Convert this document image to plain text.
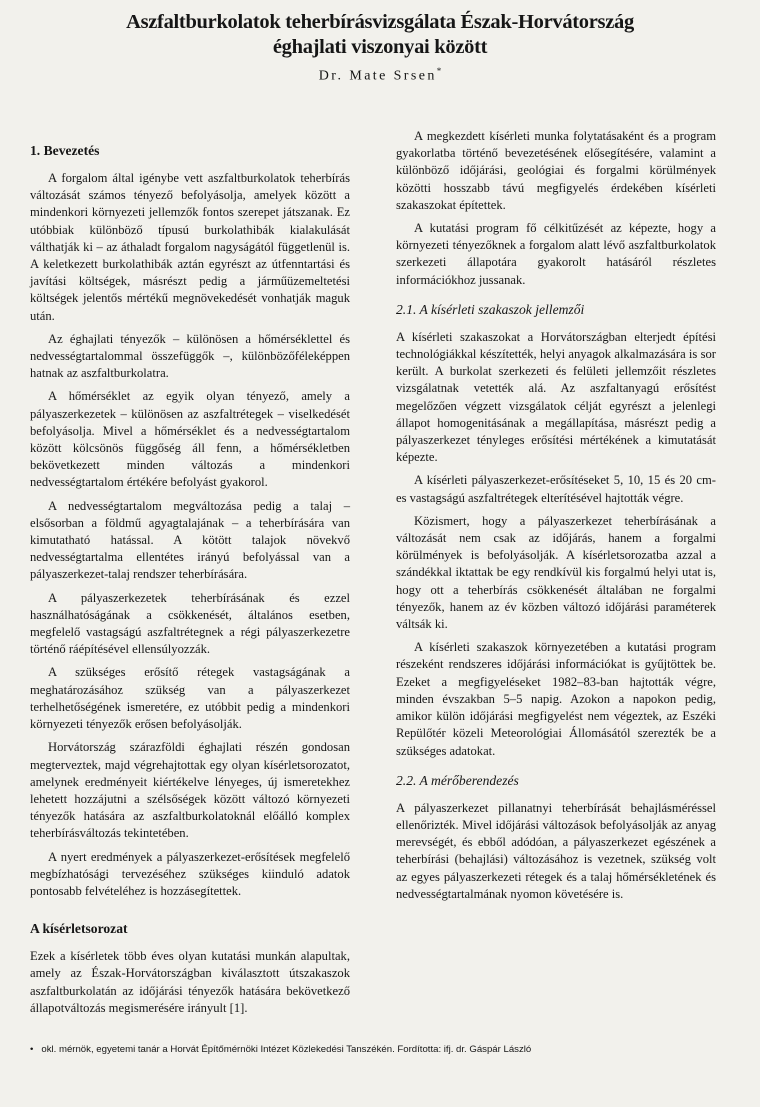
Aszfaltburkolatok teherbírásvizsgálata Észak-Horvátország
éghajlati viszonyai között
Dr. Mate Srsen*
1. Bevezetés

A forgalom által igénybe vett aszfaltburkolatok teherbírás változását számos tényező befolyásolja, amelyek között a mindenkori környezeti jellemzők fontos szerepet játszanak. Ez utóbbiak különböző típusú burkolathibák kialakulását válthatják ki – az áthaladt forgalom nagyságától függetlenül is. A keletkezett burkolathibák aztán egyrészt az útfenntartási és javítási költségek, másrészt pedig a járműüzemeltetési költségek jelentős mértékű megnövekedését vonhatják maguk után.

Az éghajlati tényezők – különösen a hőmérséklettel és nedvességtartalommal összefüggők –, különbözőféleképpen hatnak az aszfaltburkolatra.

A hőmérséklet az egyik olyan tényező, amely a pályaszerkezetek – különösen az aszfaltrétegek – viselkedését befolyásolja. Mivel a hőmérséklet és a nedvességtartalom között kölcsönös függőség áll fenn, a hőmérsékletben bekövetkezett minden változás a mindenkori nedvességtartalom értékére befolyást gyakorol.

A nedvességtartalom megváltozása pedig a talaj – elsősorban a földmű agyagtalajának – a teherbírására van kimutatható hatással. A kötött talajok növekvő nedvességtartalma ellentétes irányú befolyással van a pályaszerkezet-talaj rendszer teherbírására.

A pályaszerkezetek teherbírásának és ezzel használhatóságának a csökkenését, általános esetben, megfelelő vastagságú aszfaltrétegnek a régi pályaszerkezetre történő ráépítésével ellensúlyozzák.

A szükséges erősítő rétegek vastagságának a meghatározásához szükség van a pályaszerkezet terhelhetőségének ismeretére, ez utóbbit pedig a mindenkori környezeti tényezők erősen befolyásolják.

Horvátország szárazföldi éghajlati részén gondosan megterveztek, majd végrehajtottak egy olyan kísérletsorozatot, amelynek eredményeit kiértékelve lényeges, új ismeretekhez lehetett hozzájutni a szélsőségek között változó környezeti tényezők hatására az aszfaltburkolatoknál előálló komplex teherbírásváltozás tekintetében.

A nyert eredmények a pályaszerkezet-erősítések megfelelő megbízhatósági tervezéséhez szükséges kiinduló adatok pontosabb felvételéhez is hozzásegítettek.

A kísérletsorozat

Ezek a kísérletek több éves olyan kutatási munkán alapultak, amely az Észak-Horvátországban kiválasztott útszakaszok aszfaltburkolatán az időjárási tényezők hatására bekövetkező állapotváltozás megismerésére irányult [1].

A megkezdett kísérleti munka folytatásaként és a program gyakorlatba történő bevezetésének elősegítésére, valamint a különböző időjárási, geológiai és forgalmi körülmények közötti hosszabb távú megfigyelés érdekében kísérleti szakaszokat építettek.

A kutatási program fő célkitűzését az képezte, hogy a környezeti tényezőknek a forgalom alatt lévő aszfaltburkolatok szerkezeti állapotára gyakorolt hatásáról részletes információkhoz jussanak.

2.1. A kísérleti szakaszok jellemzői

A kísérleti szakaszokat a Horvátországban elterjedt építési technológiákkal készítették, helyi anyagok alkalmazására is sor került. A burkolat szerkezeti és felületi jellemzőit részletes vizsgálatnak vetették alá. Az aszfaltanyagú erősítést megelőzően végzett vizsgálatok célját egyrészt a jelenlegi állapot homogenitásának a megállapítása, másrészt pedig a pályaszerkezet tényleges erősítési mértékének a kimutatását képezte.

A kísérleti pályaszerkezet-erősítéseket 5, 10, 15 és 20 cm-es vastagságú aszfaltrétegek elterítésével hajtották végre.

Közismert, hogy a pályaszerkezet teherbírásának a változását nem csak az időjárás, hanem a forgalmi körülmények is befolyásolják. A kísérletsorozatba azzal a szándékkal iktattak be egy rendkívül kis forgalmú helyi utat is, hogy ott a teherbírás csökkenését általában ne forgalmi tényezők, hanem az év közben változó időjárási paraméterek váltsák ki.

A kísérleti szakaszok környezetében a kutatási program részeként rendszeres időjárási információkat is gyűjtöttek be. Ezeket a megfigyeléseket 1982–83-ban hajtották végre, minden évszakban 5–5 napig. Azokon a napokon pedig, amikor külön időjárási megfigyelést nem végeztek, az Eszéki Repülőtér közeli Meteorológiai Állomásától szerezték be a szükséges adatokat.

2.2. A mérőberendezés

A pályaszerkezet pillanatnyi teherbírását behajlásméréssel ellenőrizték. Mivel időjárási változások befolyásolják az anyag merevségét, és ebből adódóan, a pályaszerkezet egészének a teherbírási (behajlási) változásához is vezetnek, szükség volt az egyes pályaszerkezeti rétegek és a talaj hőmérsékletének és nedvességtartalmának nyomon követésére is.

• okl. mérnök, egyetemi tanár a Horvát Építőmérnöki Intézet Közlekedési Tanszékén. Fordította: ifj. dr. Gáspár László
